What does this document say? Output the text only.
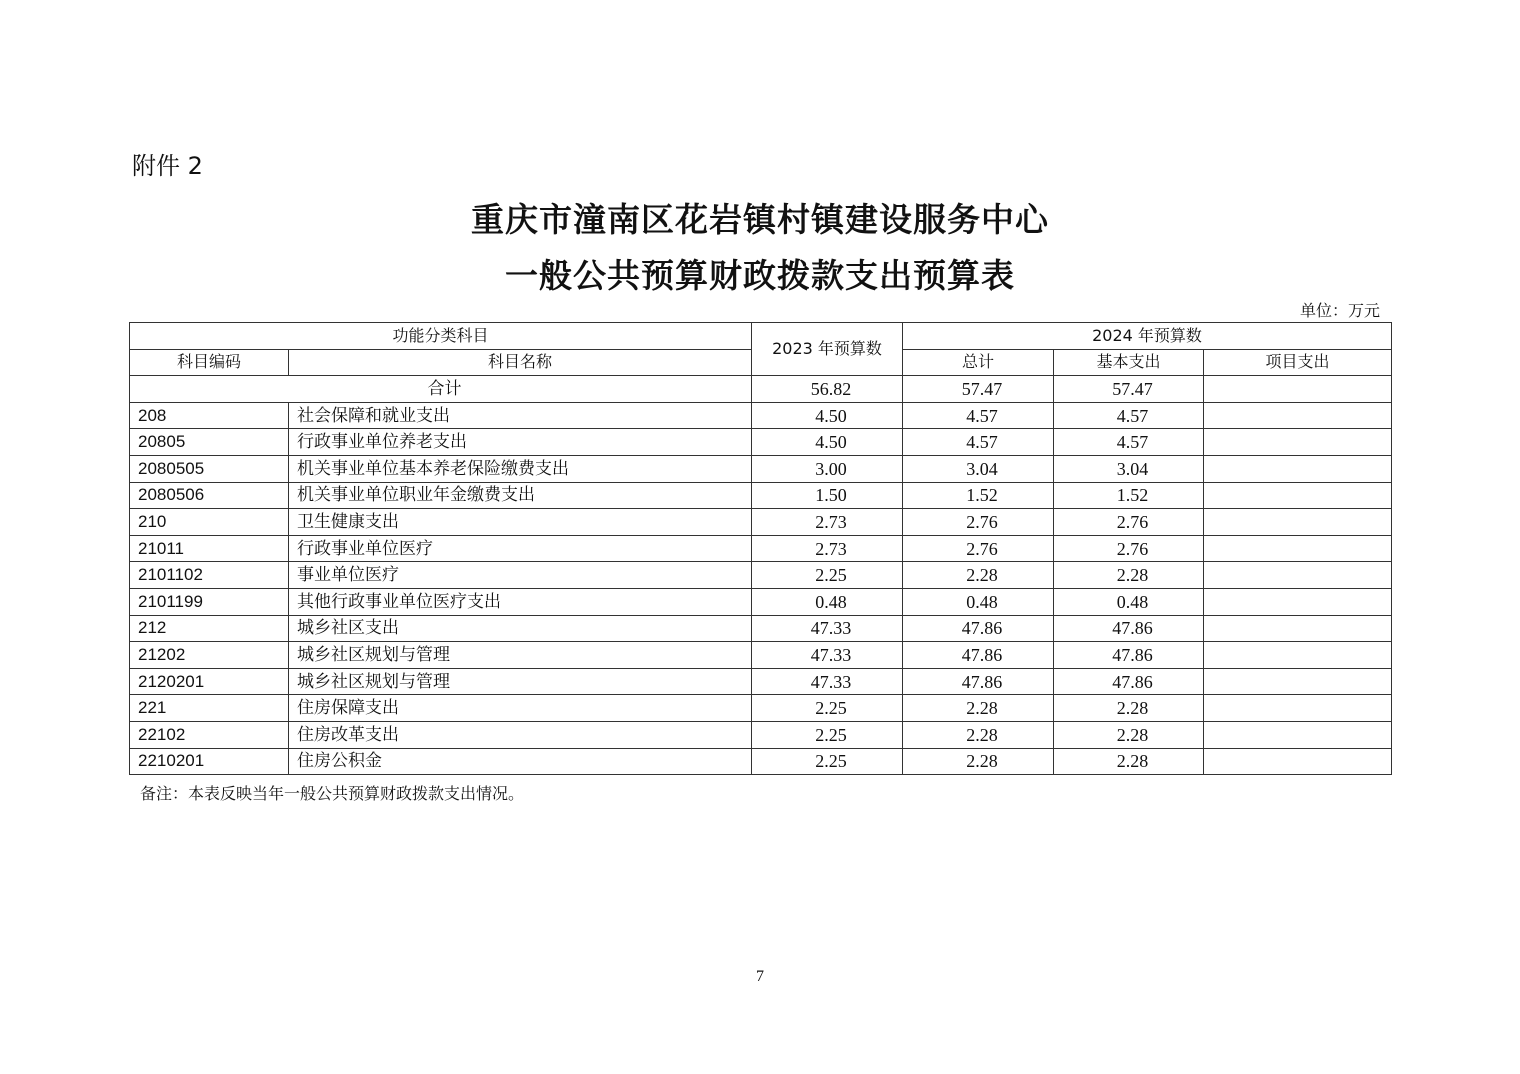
附件 2
重庆市潼南区花岩镇村镇建设服务中心
一般公共预算财政拨款支出预算表
单位：万元
功能分类科目		2023 年预算数	2024 年预算数		
科目编码	科目名称		总计	基本支出	项目支出
合计		56.82	57.47	57.47	
208	社会保障和就业支出	4.50	4.57	4.57	
20805	行政事业单位养老支出	4.50	4.57	4.57	
2080505	机关事业单位基本养老保险缴费支出	3.00	3.04	3.04	
2080506	机关事业单位职业年金缴费支出	1.50	1.52	1.52	
210	卫生健康支出	2.73	2.76	2.76	
21011	行政事业单位医疗	2.73	2.76	2.76	
2101102	事业单位医疗	2.25	2.28	2.28	
2101199	其他行政事业单位医疗支出	0.48	0.48	0.48	
212	城乡社区支出	47.33	47.86	47.86	
21202	城乡社区规划与管理	47.33	47.86	47.86	
2120201	城乡社区规划与管理	47.33	47.86	47.86	
221	住房保障支出	2.25	2.28	2.28	
22102	住房改革支出	2.25	2.28	2.28	
2210201	住房公积金	2.25	2.28	2.28	
备注：本表反映当年一般公共预算财政拨款支出情况。
7
